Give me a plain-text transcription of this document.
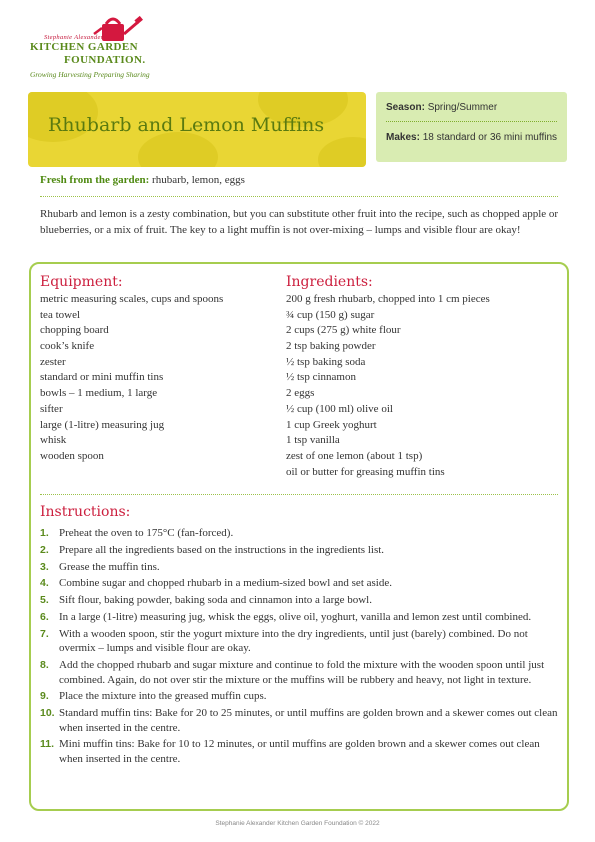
Stephanie Alexander
KITCHEN GARDEN
FOUNDATION.
Growing Harvesting Preparing Sharing
Rhubarb and Lemon Muffins
Season: Spring/Summer
Makes: 18 standard or 36 mini muffins
Fresh from the garden: rhubarb, lemon, eggs
Rhubarb and lemon is a zesty combination, but you can substitute other fruit into the recipe, such as chopped apple or blueberries, or a mix of fruit. The key to a light muffin is not over-mixing – lumps and visible flour are okay!
Equipment:
metric measuring scales, cups and spoons
tea towel
chopping board
cook’s knife
zester
standard or mini muffin tins
bowls – 1 medium, 1 large
sifter
large (1-litre) measuring jug
whisk
wooden spoon
Ingredients:
200 g fresh rhubarb, chopped into 1 cm pieces
¾ cup (150 g) sugar
2 cups (275 g) white flour
2 tsp baking powder
½ tsp baking soda
½ tsp cinnamon
2 eggs
½ cup (100 ml) olive oil
1 cup Greek yoghurt
1 tsp vanilla
zest of one lemon (about 1 tsp)
oil or butter for greasing muffin tins
Instructions:
1. Preheat the oven to 175°C (fan-forced).
2. Prepare all the ingredients based on the instructions in the ingredients list.
3. Grease the muffin tins.
4. Combine sugar and chopped rhubarb in a medium-sized bowl and set aside.
5. Sift flour, baking powder, baking soda and cinnamon into a large bowl.
6. In a large (1-litre) measuring jug, whisk the eggs, olive oil, yoghurt, vanilla and lemon zest until combined.
7. With a wooden spoon, stir the yogurt mixture into the dry ingredients, until just (barely) combined. Do not overmix – lumps and visible flour are okay.
8. Add the chopped rhubarb and sugar mixture and continue to fold the mixture with the wooden spoon until just combined. Again, do not over stir the mixture or the muffins will be rubbery and heavy, not light in texture.
9. Place the mixture into the greased muffin cups.
10. Standard muffin tins: Bake for 20 to 25 minutes, or until muffins are golden brown and a skewer comes out clean when inserted in the centre.
11. Mini muffin tins: Bake for 10 to 12 minutes, or until muffins are golden brown and a skewer comes out clean when inserted in the centre.
Stephanie Alexander Kitchen Garden Foundation © 2022
